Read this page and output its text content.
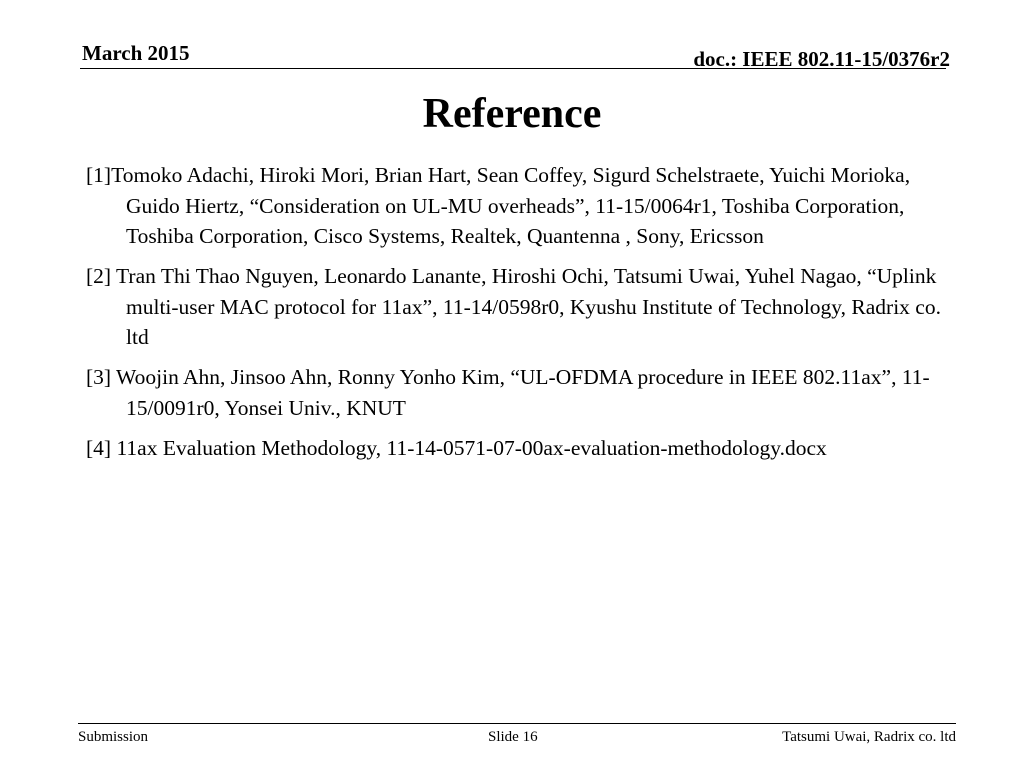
March 2015	doc.: IEEE 802.11-15/0376r2
Reference
[1]Tomoko Adachi, Hiroki Mori, Brian Hart, Sean Coffey, Sigurd Schelstraete, Yuichi Morioka, Guido Hiertz, “Consideration on UL-MU overheads”, 11-15/0064r1, Toshiba Corporation, Toshiba Corporation, Cisco Systems, Realtek, Quantenna , Sony, Ericsson
[2] Tran Thi Thao Nguyen, Leonardo Lanante, Hiroshi Ochi, Tatsumi Uwai, Yuhel Nagao, “Uplink multi-user MAC protocol for 11ax”, 11-14/0598r0, Kyushu Institute of Technology, Radrix co. ltd
[3] Woojin Ahn, Jinsoo Ahn, Ronny Yonho Kim, “UL-OFDMA procedure in IEEE 802.11ax”, 11-15/0091r0, Yonsei Univ., KNUT
[4] 11ax Evaluation Methodology, 11-14-0571-07-00ax-evaluation-methodology.docx
Submission	Slide 16	Tatsumi Uwai, Radrix co. ltd
